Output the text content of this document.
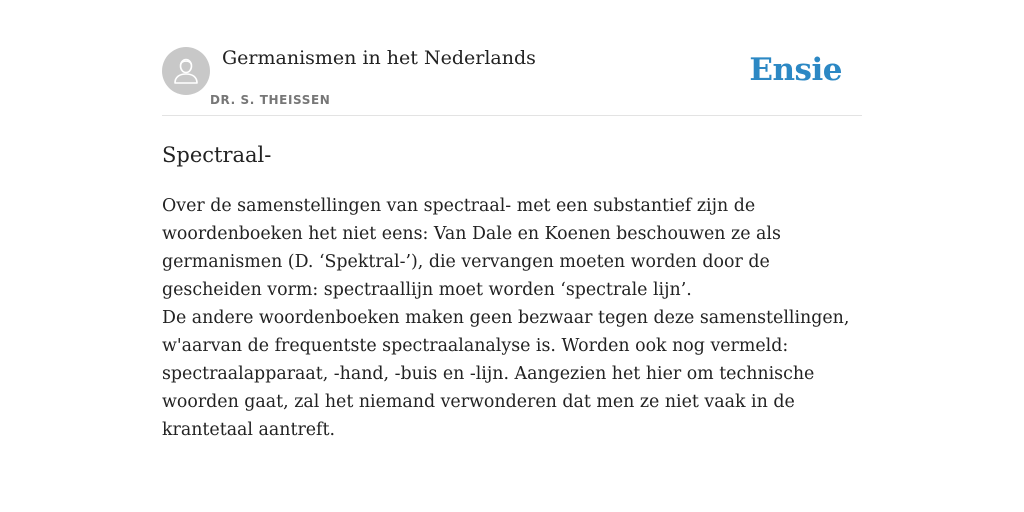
Germanismen in het Nederlands
DR. S. THEISSEN
Ensie
Spectraal-

Over de samenstellingen van spectraal- met een substantief zijn de woordenboeken het niet eens: Van Dale en Koenen beschouwen ze als germanismen (D. ‘Spektral-’), die vervangen moeten worden door de gescheiden vorm: spectraallijn moet worden ‘spectrale lijn’.

De andere woordenboeken maken geen bezwaar tegen deze samenstellingen, w'aarvan de frequentste spectraalanalyse is. Worden ook nog vermeld: spectraalapparaat, -hand, -buis en -lijn. Aangezien het hier om technische woorden gaat, zal het niemand verwonderen dat men ze niet vaak in de krantetaal aantreft.
